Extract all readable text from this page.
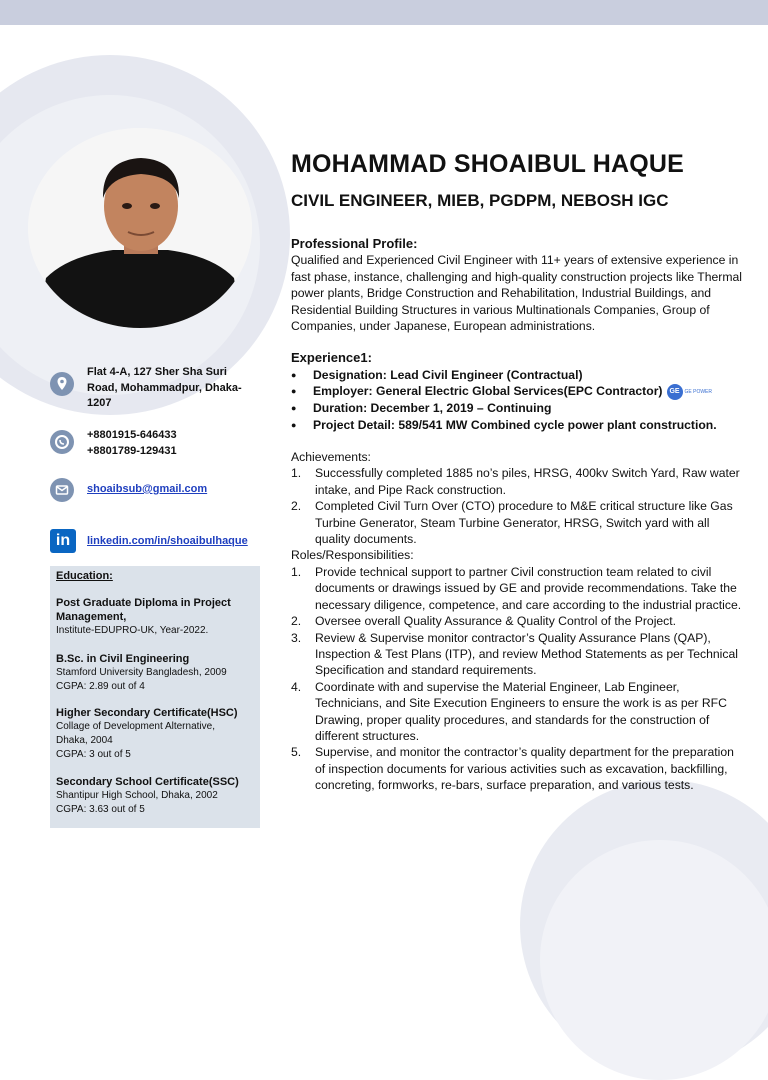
MOHAMMAD SHOAIBUL HAQUE
CIVIL ENGINEER, MIEB, PGDPM, NEBOSH IGC
Flat 4-A, 127 Sher Sha Suri
Road, Mohammadpur, Dhaka-
1207
+8801915-646433
+8801789-129431
shoaibsub@gmail.com
in	linkedin.com/in/shoaibulhaque
Education:
Post Graduate Diploma in Project
Management,
Institute-EDUPRO-UK, Year-2022.
B.Sc. in Civil Engineering
Stamford University Bangladesh, 2009
CGPA: 2.89 out of 4
Higher Secondary Certificate(HSC)
Collage of Development Alternative,
Dhaka, 2004
CGPA: 3 out of 5
Secondary School Certificate(SSC)
Shantipur High School, Dhaka, 2002
CGPA: 3.63 out of 5
Professional Profile:

Qualified and Experienced Civil Engineer with 11+ years of extensive experience in fast phase, instance, challenging and high-quality construction projects like Thermal power plants, Bridge Construction and Rehabilitation, Industrial Buildings, and Residential Building Structures in various Multinationals Companies, Group of Companies, under Japanese, European administrations.

Experience1:
● Designation: Lead Civil Engineer (Contractual)
● Employer: General Electric Global Services(EPC Contractor) GE GE POWER
● Duration: December 1, 2019 – Continuing
● Project Detail: 589/541 MW Combined cycle power plant construction.
Achievements:
1. Successfully completed 1885 no’s piles, HRSG, 400kv Switch Yard, Raw water intake, and Pipe Rack construction.
2. Completed Civil Turn Over (CTO) procedure to M&E critical structure like Gas Turbine Generator, Steam Turbine Generator, HRSG, Switch yard with all quality documents.
Roles/Responsibilities:
1. Provide technical support to partner Civil construction team related to civil documents or drawings issued by GE and provide recommendations. Take the necessary diligence, competence, and care according to the industrial practice.
2. Oversee overall Quality Assurance & Quality Control of the Project.
3. Review & Supervise monitor contractor’s Quality Assurance Plans (QAP), Inspection & Test Plans (ITP), and review Method Statements as per Technical Specification and standard requirements.
4. Coordinate with and supervise the Material Engineer, Lab Engineer, Technicians, and Site Execution Engineers to ensure the work is as per RFC Drawing, proper quality procedures, and standards for the construction of different structures.
5. Supervise, and monitor the contractor’s quality department for the preparation of inspection documents for various activities such as excavation, backfilling, concreting, formworks, re-bars, surface preparation, and various tests.
